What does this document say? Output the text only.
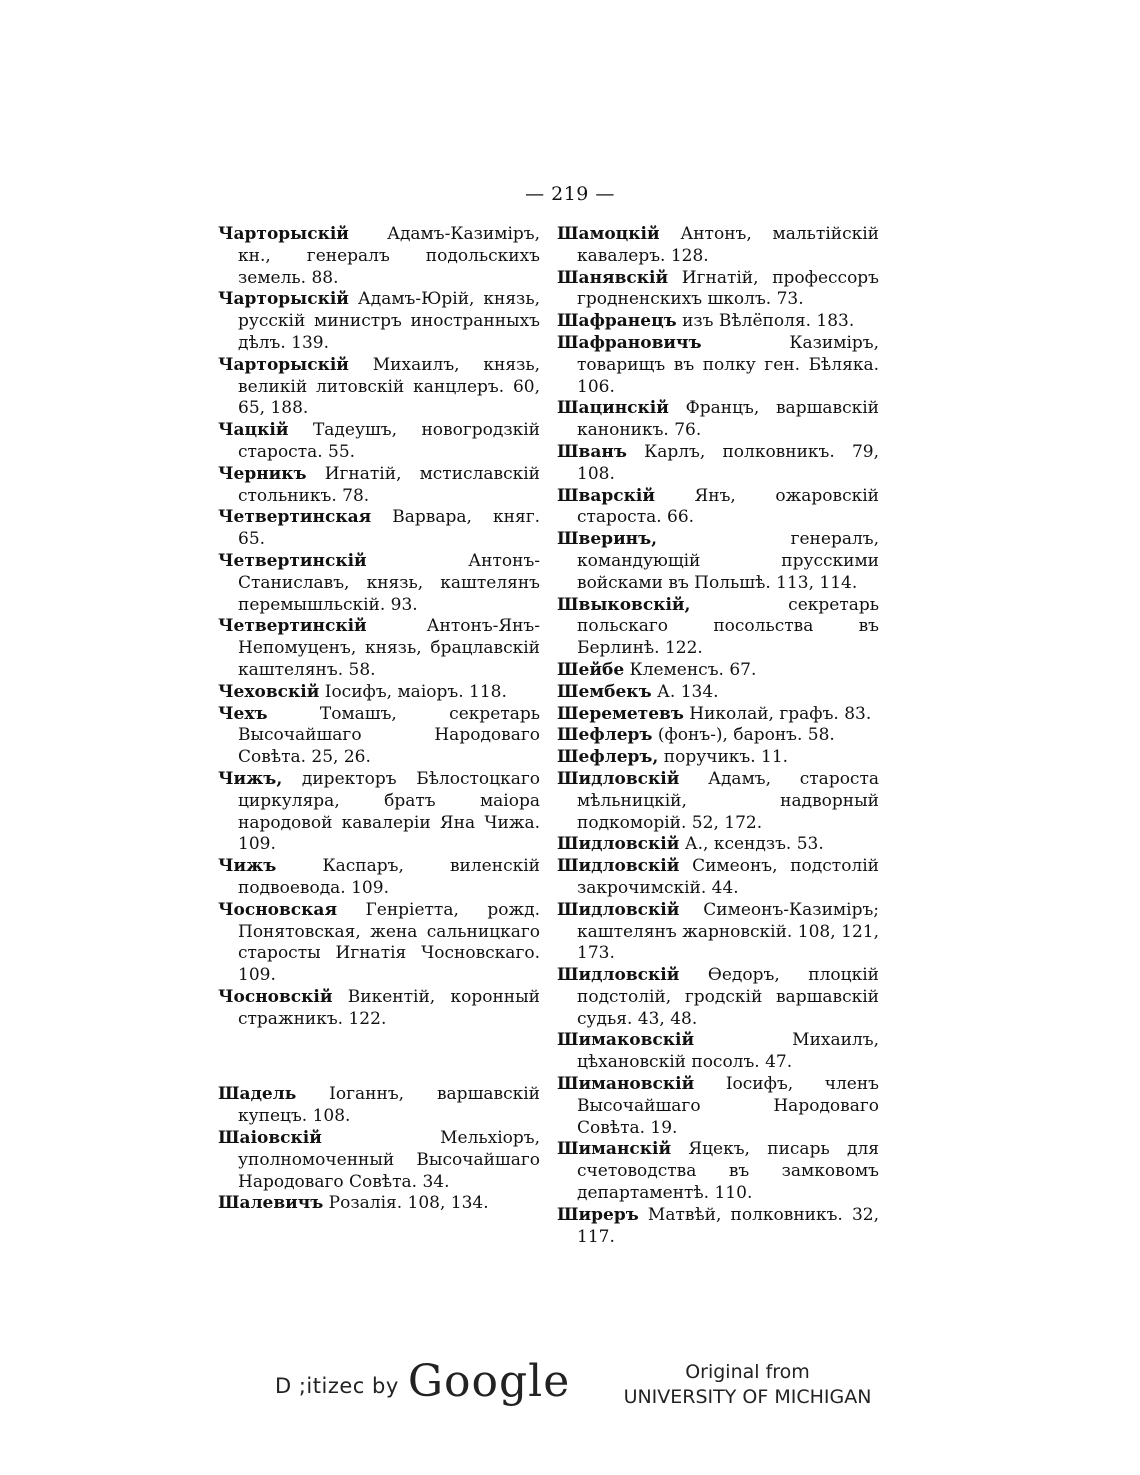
— 219 —

Чарторыскій Адамъ-Казиміръ, кн., генералъ подольскихъ земель. 88.

Чарторыскій Адамъ-Юрій, князь, русскій министръ иностранныхъ дѣлъ. 139.

Чарторыскій Михаилъ, князь, великій литовскій канцлеръ. 60, 65, 188.

Чацкій Тадеушъ, новогродзкій староста. 55.

Черникъ Игнатій, мстиславскій стольникъ. 78.

Четвертинская Варвара, княг. 65.

Четвертинскій Антонъ-Станиславъ, князь, каштелянъ перемышльскій. 93.

Четвертинскій Антонъ-Янъ-Непомуценъ, князь, брацлавскій каштелянъ. 58.

Чеховскій Іосифъ, маіоръ. 118.

Чехъ Томашъ, секретарь Высочайшаго Народоваго Совѣта. 25, 26.

Чижъ, директоръ Бѣлостоцкаго циркуляра, братъ маіора народовой кавалеріи Яна Чижа. 109.

Чижъ Каспаръ, виленскій подвоевода. 109.

Чосновская Генріетта, рожд. Понятовская, жена сальницкаго старосты Игнатія Чосновскаго. 109.

Чосновскій Викентій, коронный стражникъ. 122.

Шадель Іоганнъ, варшавскій купецъ. 108.

Шаіовскій Мельхіоръ, уполномоченный Высочайшаго Народоваго Совѣта. 34.

Шалевичъ Розалія. 108, 134.

Шамоцкій Антонъ, мальтійскій кавалеръ. 128.

Шанявскій Игнатій, профессоръ гродненскихъ школъ. 73.

Шафранецъ изъ Вѣлёполя. 183.

Шафрановичъ Казиміръ, товарищъ въ полку ген. Бѣляка. 106.

Шацинскій Францъ, варшавскій каноникъ. 76.

Шванъ Карлъ, полковникъ. 79, 108.

Шварскій Янъ, ожаровскій староста. 66.

Шверинъ, генералъ, командующій прусскими войсками въ Польшѣ. 113, 114.

Швыковскій, секретарь польскаго посольства въ Берлинѣ. 122.

Шейбе Клеменсъ. 67.

Шембекъ А. 134.

Шереметевъ Николай, графъ. 83.

Шефлеръ (фонъ-), баронъ. 58.

Шефлеръ, поручикъ. 11.

Шидловскій Адамъ, староста мѣльницкій, надворный подкоморій. 52, 172.

Шидловскій А., ксендзъ. 53.

Шидловскій Симеонъ, подстолій закрочимскій. 44.

Шидловскій Симеонъ-Казиміръ; каштелянъ жарновскій. 108, 121, 173.

Шидловскій Ѳедоръ, плоцкій подстолій, гродскій варшавскій судья. 43, 48.

Шимаковскій Михаилъ, цѣхановскій посолъ. 47.

Шимановскій Іосифъ, членъ Высочайшаго Народоваго Совѣта. 19.

Шиманскій Яцекъ, писарь для счетоводства въ замковомъ департаментѣ. 110.

Ширеръ Матвѣй, полковникъ. 32, 117.

D ;itizec by Google	Original from
UNIVERSITY OF MICHIGAN
